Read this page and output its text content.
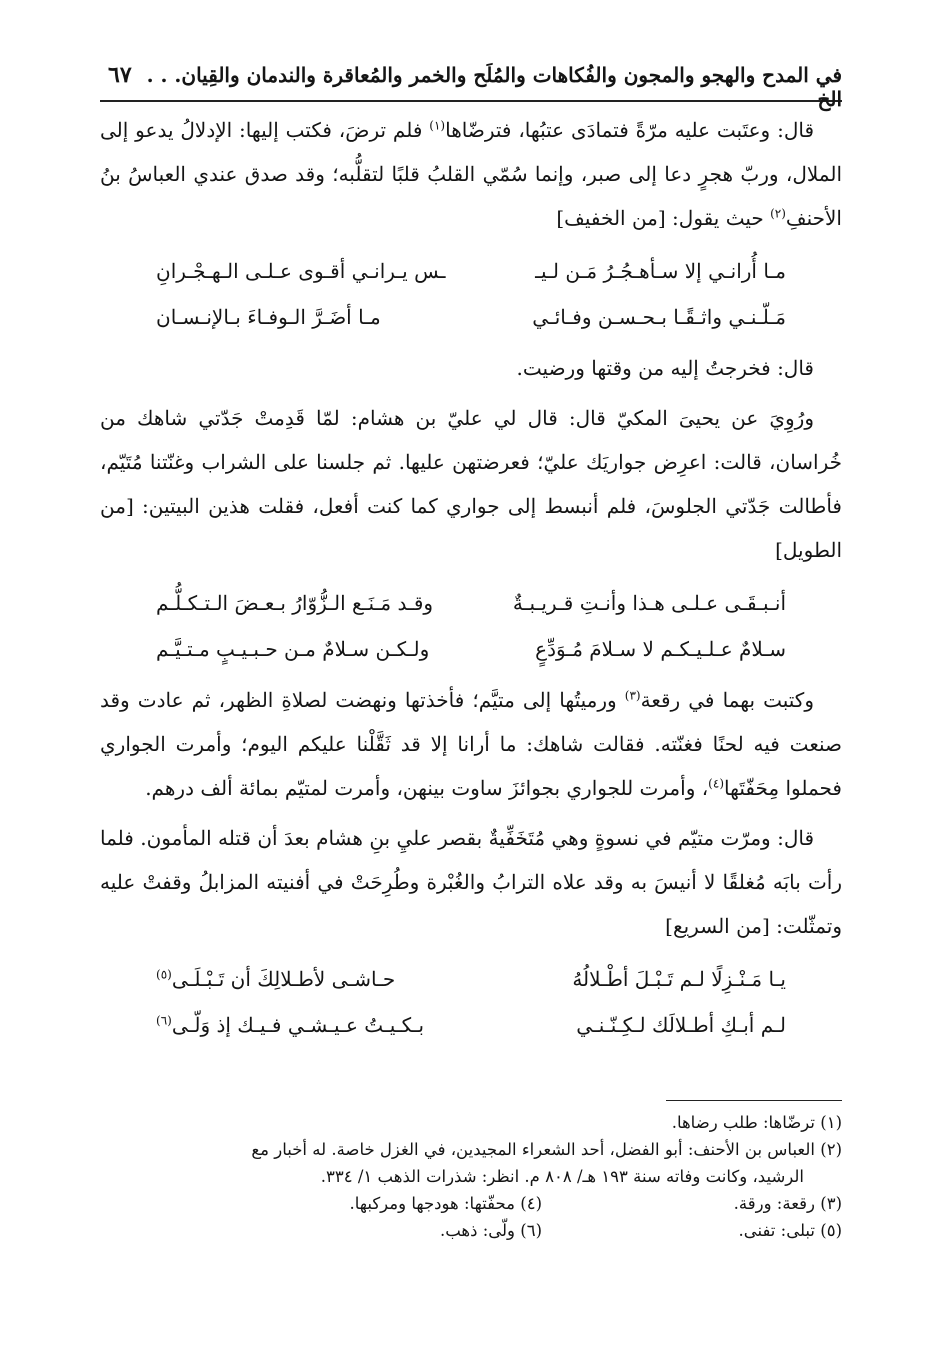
في المدح والهجو والمجون والفُكاهات والمُلَح والخمر والمُعاقرة والندمان والقِيان. . . الخ
٦٧

قال: وعتَبت عليه مرّةً فتمادَى عتبُها، فترضّاها$^{(١)}$ فلم ترضَ، فكتب إليها: الإدلالُ يدعو إلى الملال، وربّ هجرٍ دعا إلى صبر، وإنما سُمّي القلبُ قلبًا لتقلُّبه؛ وقد صدق عندي العباسُ بنُ الأحنفِ$^{(٢)}$ حيث يقول: [من الخفيف]

مـا أُرانـي إلا سـأهـجُـرُ مَـن لـيـ
ـس يـرانـي أقـوى عـلـى الـهـجْـرانِ
مَـلّـنـي واثـقًـا بـحـسـن وفـائـي
مـا أضَـرَّ الـوفـاءَ بـالإنـسـان

قال: فخرجتُ إليه من وقتها ورضيت.

ورُوِيَ عن يحيىَ المكيّ قال: قال لي عليّ بن هشام: لمّا قَدِمتْ جَدّتي شاهك من خُراسان، قالت: اعرِض جواريَك عليّ؛ فعرضتهن عليها. ثم جلسنا على الشراب وغنّتنا مُتَيّم، فأطالت جَدّتي الجلوسَ، فلم أنبسط إلى جواري كما كنت أفعل، فقلت هذين البيتين: [من الطويل]

أنـبـقَـى عـلـى هـذا وأنـتِ قـريـبـةٌ
وقـد مَـنَـع الـزُّوّارُ بـعـضَ الـتـكـلُّـم
سـلامٌ عـلـيـكـم لا سـلامَ مُـوَدِّعٍ
ولـكـن سـلامٌ مـن حـبـيـبٍ مـتـيَّـم

وكتبت بهما في رقعة$^{(٣)}$ ورميتُها إلى متيَّم؛ فأخذتها ونهضت لصلاةِ الظهر، ثم عادت وقد صنعت فيه لحنًا فغنّته. فقالت شاهك: ما أرانا إلا قد ثَقَّلْنا عليكم اليوم؛ وأمرت الجواري فحملوا مِحَفّتَها$^{(٤)}$، وأمرت للجواري بجوائزَ ساوت بينهن، وأمرت لمتيّم بمائة ألف درهم.

قال: ومرّت متيّم في نسوةٍ وهي مُتَخَفِّيةٌ بقصر عليِ بنِ هشام بعدَ أن قتله المأمون. فلما رأت بابَه مُغلقًا لا أنيسَ به وقد علاه الترابُ والغُبْرة وطُرِحَتْ في أفنيته المزابلُ وقفتْ عليه وتمثّلت: [من السريع]

يـا مَـنْـزِلًا لـم تَـبْـلَ أطْـلالُهُ
حـاشـى لأطـلالِكَ أن تَـبْـلَـى$^{(٥)}$
لـم أبـكِ أطـلالَك لـكِـنّـنـي
بـكـيـتُ عـيـشـي فـيـك إذ وَلّـى$^{(٦)}$

(١) ترضّاها: طلب رضاها.

(٢) العباس بن الأحنف: أبو الفضل، أحد الشعراء المجيدين، في الغزل خاصة. له أخبار مع
الرشيد، وكانت وفاته سنة ١٩٣ هـ/ ٨٠٨ م. انظر: شذرات الذهب ١/ ٣٣٤.

(٣) رقعة: ورقة.
(٤) محفّتها: هودجها ومركبها.
(٥) تبلى: تفنى.
(٦) ولّى: ذهب.
